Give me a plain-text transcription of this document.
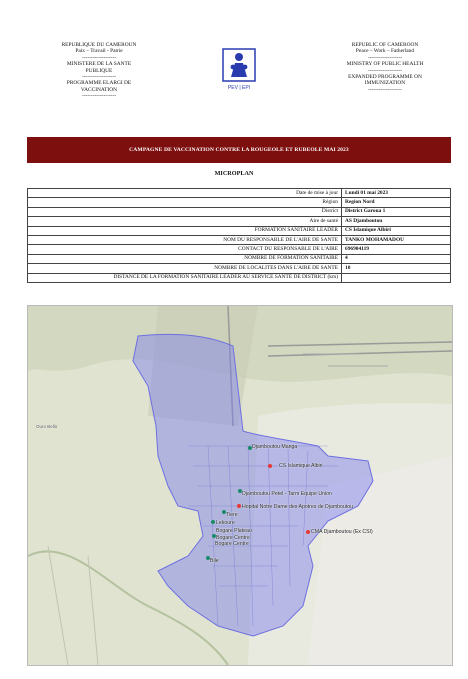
REPUBLIQUE DU CAMEROUN
Paix – Travail - Patrie
-------------------
MINISTERE DE LA SANTE
PUBLIQUE
-------------------
PROGRAMME ELARGI DE
VACCINATION
-------------------
PEV | EPI
REPUBLIC OF CAMEROON
Peace – Work – Fatherland
-------------------
MINISTRY OF PUBLIC HEALTH
-------------------
EXPANDED PROGRAMME ON
IMMUNIZATION
-------------------
CAMPAGNE DE VACCINATION CONTRE LA ROUGEOLE ET RUBEOLE MAI 2023
MICROPLAN
Date de mise à jour	Lundi 01 mai 2023
Région	Region Nord
District	District Garoua 1
Aire de santé	AS Djamboutou
FORMATION SANITAIRE LEADER	CS Islamique Albiri
NOM DU RESPONSABLE DE L'AIRE DE SANTE	TANKO MOHAMADOU
CONTACT DU RESPONSABLE DE L'AIRE	696904119
NOMBRE DE FORMATION SANITAIRE	4
NOMBRE DE LOCALITES DANS L'AIRE DE SANTE	10
DISTANCE DE LA FORMATION SANITAIRE LEADER AU SERVICE SANTÉ DE DISTRICT (km)	
Djamboutou Manga
CS Islamique Albiri
Djamboutou Petel - Tarm Equipe Union
Hopital Notre Dame des Apotres de Djamboutou
Tiere
Lekoure
Bogare Plateau
Bogare Centre
Bogare Centre
CMA Djamboutou (Ex CSI)
Bile
Ouro Bello
